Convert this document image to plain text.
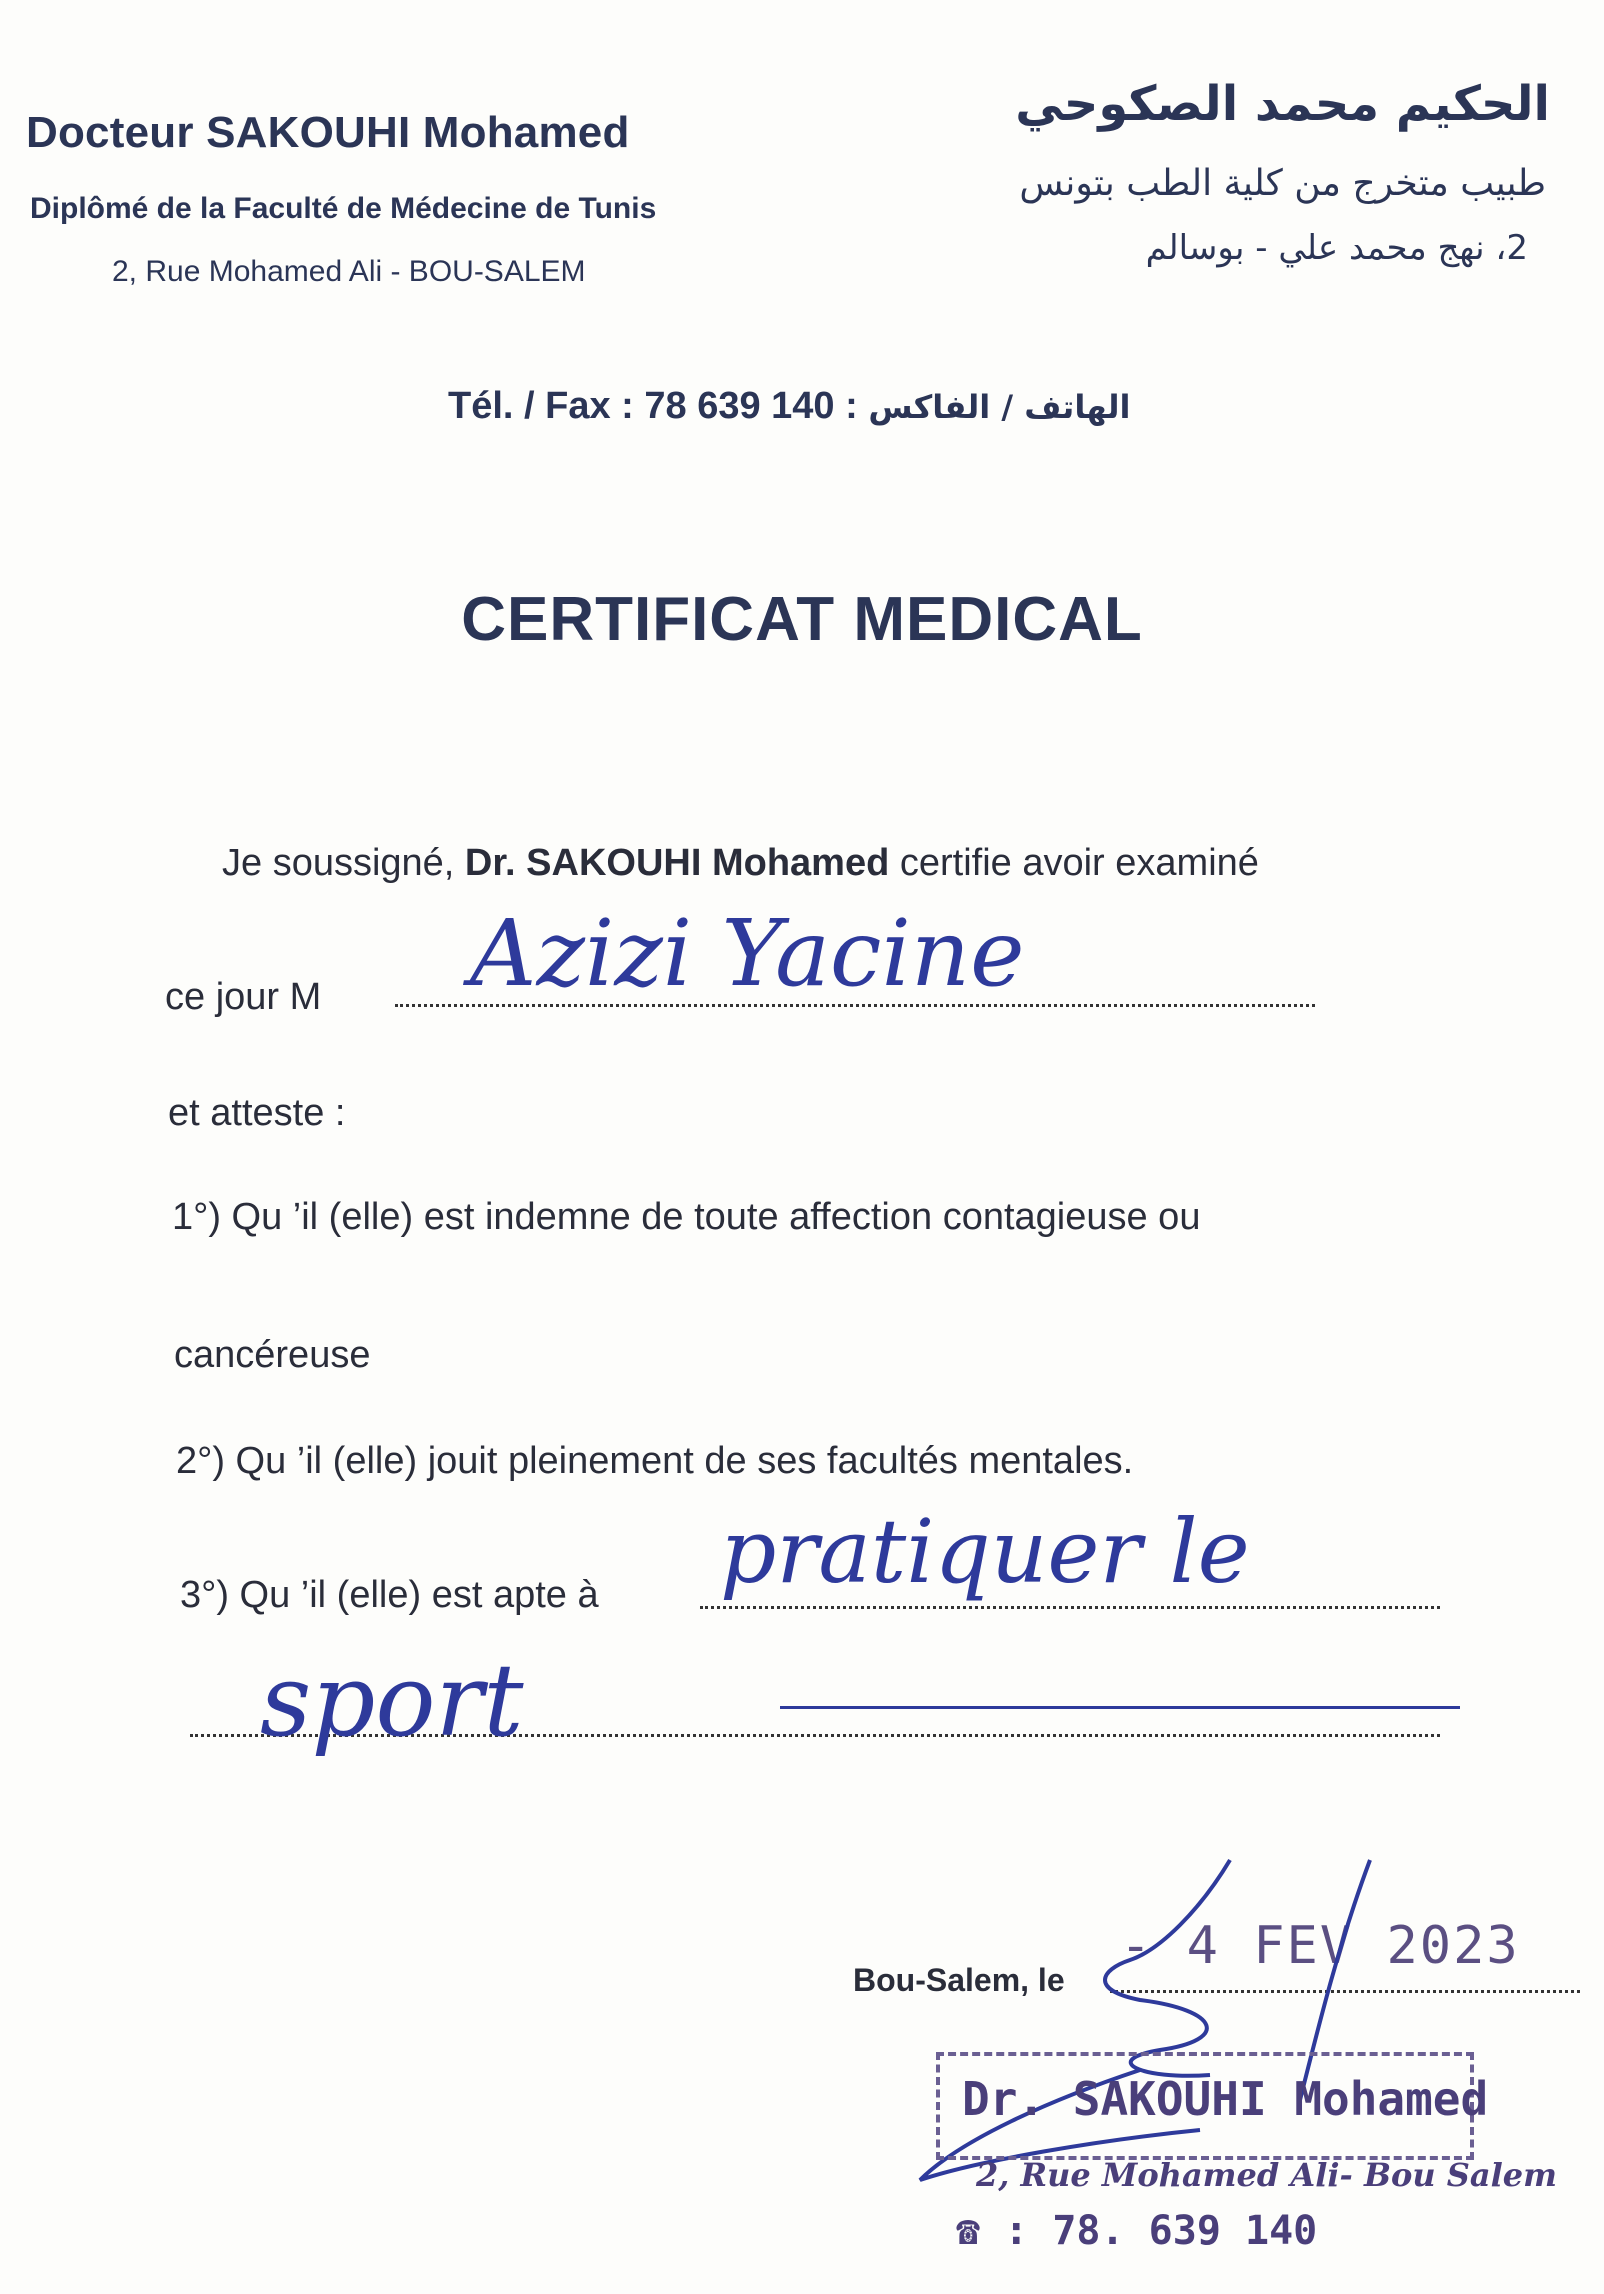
Docteur SAKOUHI Mohamed
Diplômé de la Faculté de Médecine de Tunis
2, Rue Mohamed Ali - BOU-SALEM
الحكيم محمد الصكوحي
طبيب متخرج من كلية الطب بتونس
2، نهج محمد علي - بوسالم
Tél. / Fax : 78 639 140 : الهاتف / الفاكس
CERTIFICAT MEDICAL
Je soussigné, Dr. SAKOUHI Mohamed certifie avoir examiné
ce jour M Azizi Yacine
et atteste :
1°) Qu ’il (elle) est indemne de toute affection contagieuse ou
cancéreuse
2°) Qu ’il (elle) jouit pleinement de ses facultés mentales.
3°) Qu ’il (elle) est apte à pratiquer le
sport
Bou-Salem, le
- 4 FEV 2023
Dr. SAKOUHI Mohamed
2, Rue Mohamed Ali- Bou Salem
☎ : 78. 639 140
